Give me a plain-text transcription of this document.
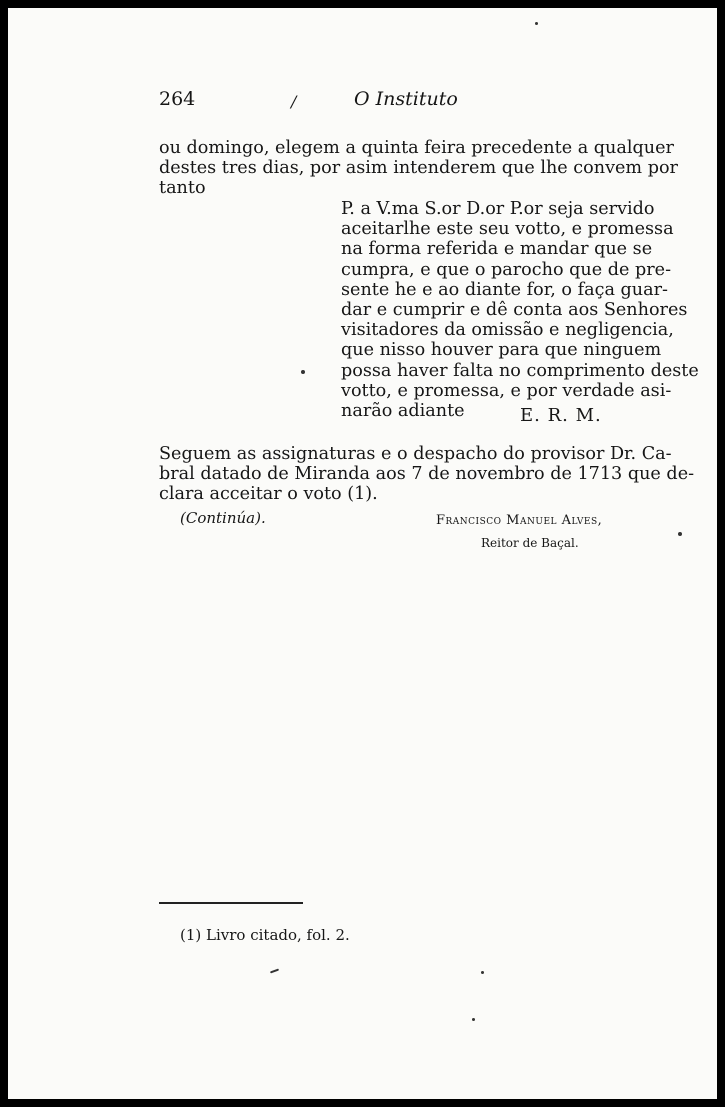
264	/	O Instituto
ou domingo, elegem a quinta feira precedente a qualquer
destes tres dias, por asim intenderem que lhe convem por
tanto
P. a V.ma S.or D.or P.or seja servido
aceitarlhe este seu votto, e promessa
na forma referida e mandar que se
cumpra, e que o parocho que de pre-
sente he e ao diante for, o faça guar-
dar e cumprir e dê conta aos Senhores
visitadores da omissão e negligencia,
que nisso houver para que ninguem
possa haver falta no comprimento deste
votto, e promessa, e por verdade asi-
narão adiante	E. R. M.
Seguem as assignaturas e o despacho do provisor Dr. Ca-
bral datado de Miranda aos 7 de novembro de 1713 que de-
clara acceitar o voto (1).
(Continúa).	Francisco Manuel Alves,
Reitor de Baçal.
(1) Livro citado, fol. 2.
